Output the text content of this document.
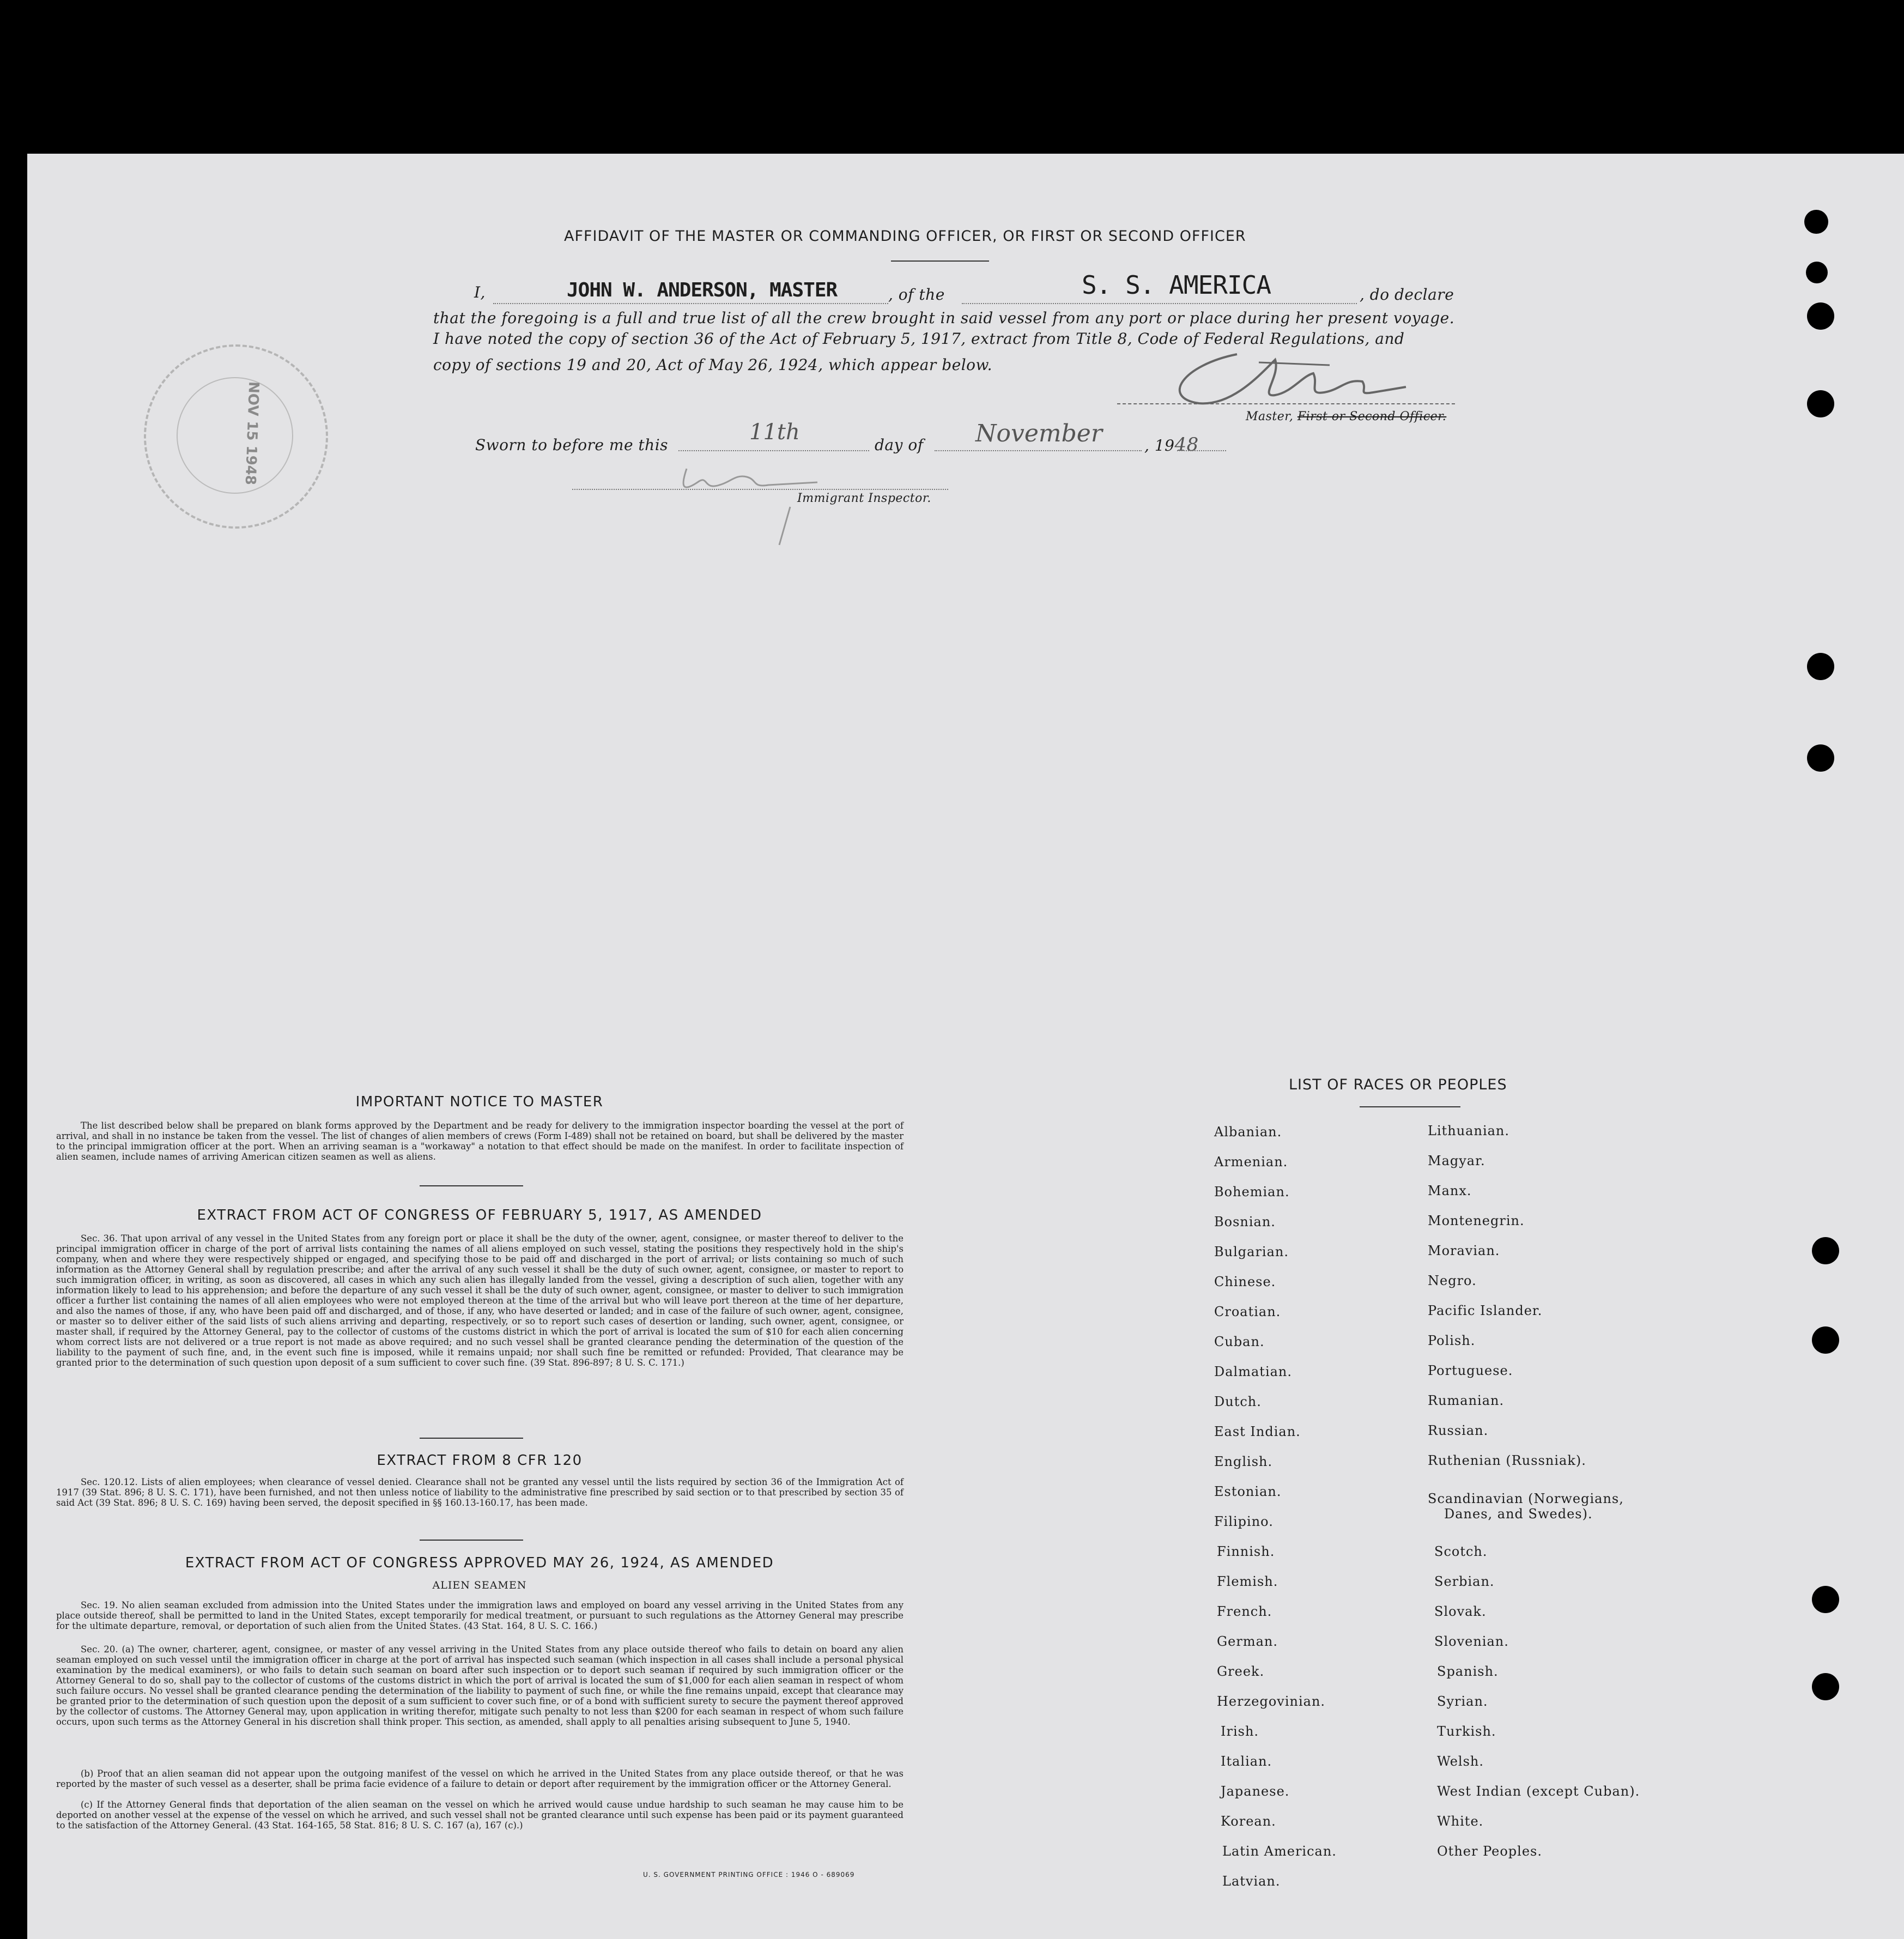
AFFIDAVIT OF THE MASTER OR COMMANDING OFFICER, OR FIRST OR SECOND OFFICER
I,	JOHN W. ANDERSON, MASTER	, of the	S. S. AMERICA	, do declare
that the foregoing is a full and true list of all the crew brought in said vessel from any port or place during her present voyage.
I have noted the copy of section 36 of the Act of February 5, 1917, extract from Title 8, Code of Federal Regulations, and
copy of sections 19 and 20, Act of May 26, 1924, which appear below.
Master, First or Second Officer.
Sworn to before me this
11th
day of November	, 1948
Immigrant Inspector.
NOV 15 1948
IMPORTANT NOTICE TO MASTER
The list described below shall be prepared on blank forms approved by the Department and be ready for delivery to the immigration inspector boarding the vessel at the port of arrival, and shall in no instance be taken from the vessel. The list of changes of alien members of crews (Form I-489) shall not be retained on board, but shall be delivered by the master to the principal immigration officer at the port. When an arriving seaman is a "workaway" a notation to that effect should be made on the manifest. In order to facilitate inspection of alien seamen, include names of arriving American citizen seamen as well as aliens.
EXTRACT FROM ACT OF CONGRESS OF FEBRUARY 5, 1917, AS AMENDED
Sec. 36. That upon arrival of any vessel in the United States from any foreign port or place it shall be the duty of the owner, agent, consignee, or master thereof to deliver to the principal immigration officer in charge of the port of arrival lists containing the names of all aliens employed on such vessel, stating the positions they respectively hold in the ship's company, when and where they were respectively shipped or engaged, and specifying those to be paid off and discharged in the port of arrival; or lists containing so much of such information as the Attorney General shall by regulation prescribe; and after the arrival of any such vessel it shall be the duty of such owner, agent, consignee, or master to report to such immigration officer, in writing, as soon as discovered, all cases in which any such alien has illegally landed from the vessel, giving a description of such alien, together with any information likely to lead to his apprehension; and before the departure of any such vessel it shall be the duty of such owner, agent, consignee, or master to deliver to such immigration officer a further list containing the names of all alien employees who were not employed thereon at the time of the arrival but who will leave port thereon at the time of her departure, and also the names of those, if any, who have been paid off and discharged, and of those, if any, who have deserted or landed; and in case of the failure of such owner, agent, consignee, or master so to deliver either of the said lists of such aliens arriving and departing, respectively, or so to report such cases of desertion or landing, such owner, agent, consignee, or master shall, if required by the Attorney General, pay to the collector of customs of the customs district in which the port of arrival is located the sum of $10 for each alien concerning whom correct lists are not delivered or a true report is not made as above required; and no such vessel shall be granted clearance pending the determination of the question of the liability to the payment of such fine, and, in the event such fine is imposed, while it remains unpaid; nor shall such fine be remitted or refunded: Provided, That clearance may be granted prior to the determination of such question upon deposit of a sum sufficient to cover such fine. (39 Stat. 896-897; 8 U. S. C. 171.)
EXTRACT FROM 8 CFR 120
Sec. 120.12. Lists of alien employees; when clearance of vessel denied. Clearance shall not be granted any vessel until the lists required by section 36 of the Immigration Act of 1917 (39 Stat. 896; 8 U. S. C. 171), have been furnished, and not then unless notice of liability to the administrative fine prescribed by said section or to that prescribed by section 35 of said Act (39 Stat. 896; 8 U. S. C. 169) having been served, the deposit specified in §§ 160.13-160.17, has been made.
EXTRACT FROM ACT OF CONGRESS APPROVED MAY 26, 1924, AS AMENDED
ALIEN SEAMEN
Sec. 19. No alien seaman excluded from admission into the United States under the immigration laws and employed on board any vessel arriving in the United States from any place outside thereof, shall be permitted to land in the United States, except temporarily for medical treatment, or pursuant to such regulations as the Attorney General may prescribe for the ultimate departure, removal, or deportation of such alien from the United States. (43 Stat. 164, 8 U. S. C. 166.)
Sec. 20. (a) The owner, charterer, agent, consignee, or master of any vessel arriving in the United States from any place outside thereof who fails to detain on board any alien seaman employed on such vessel until the immigration officer in charge at the port of arrival has inspected such seaman (which inspection in all cases shall include a personal physical examination by the medical examiners), or who fails to detain such seaman on board after such inspection or to deport such seaman if required by such immigration officer or the Attorney General to do so, shall pay to the collector of customs of the customs district in which the port of arrival is located the sum of $1,000 for each alien seaman in respect of whom such failure occurs. No vessel shall be granted clearance pending the determination of the liability to payment of such fine, or while the fine remains unpaid, except that clearance may be granted prior to the determination of such question upon the deposit of a sum sufficient to cover such fine, or of a bond with sufficient surety to secure the payment thereof approved by the collector of customs. The Attorney General may, upon application in writing therefor, mitigate such penalty to not less than $200 for each seaman in respect of whom such failure occurs, upon such terms as the Attorney General in his discretion shall think proper. This section, as amended, shall apply to all penalties arising subsequent to June 5, 1940.
(b) Proof that an alien seaman did not appear upon the outgoing manifest of the vessel on which he arrived in the United States from any place outside thereof, or that he was reported by the master of such vessel as a deserter, shall be prima facie evidence of a failure to detain or deport after requirement by the immigration officer or the Attorney General.
(c) If the Attorney General finds that deportation of the alien seaman on the vessel on which he arrived would cause undue hardship to such seaman he may cause him to be deported on another vessel at the expense of the vessel on which he arrived, and such vessel shall not be granted clearance until such expense has been paid or its payment guaranteed to the satisfaction of the Attorney General. (43 Stat. 164-165, 58 Stat. 816; 8 U. S. C. 167 (a), 167 (c).)
U. S. GOVERNMENT PRINTING OFFICE : 1946 O - 689069
LIST OF RACES OR PEOPLES
Albanian.
Armenian.
Bohemian.
Bosnian.
Bulgarian.
Chinese.
Croatian.
Cuban.
Dalmatian.
Dutch.
East Indian.
English.
Estonian.
Filipino.
Finnish.
Flemish.
French.
German.
Greek.
Herzegovinian.
Irish.
Italian.
Japanese.
Korean.
Latin American.
Latvian.
Lithuanian.
Magyar.
Manx.
Montenegrin.
Moravian.
Negro.
Pacific Islander.
Polish.
Portuguese.
Rumanian.
Russian.
Ruthenian (Russniak).
Scandinavian (Norwegians,
Danes, and Swedes).
Scotch.
Serbian.
Slovak.
Slovenian.
Spanish.
Syrian.
Turkish.
Welsh.
West Indian (except Cuban).
White.
Other Peoples.
